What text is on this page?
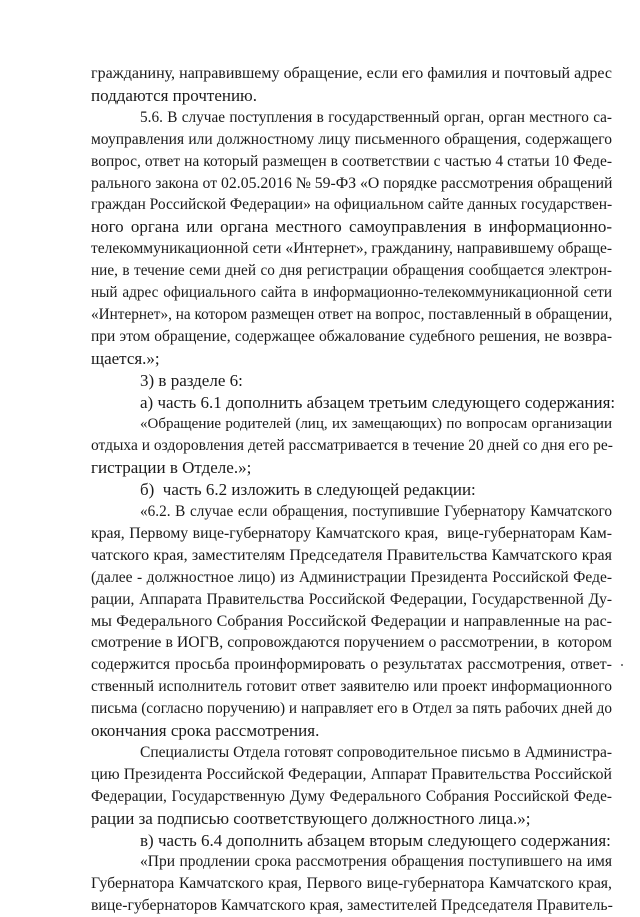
гражданину, направившему обращение, если его фамилия и почтовый адрес
поддаются прочтению.
5.6. В случае поступления в государственный орган, орган местного са-
моуправления или должностному лицу письменного обращения, содержащего
вопрос, ответ на который размещен в соответствии с частью 4 статьи 10 Феде-
рального закона от 02.05.2016 № 59-ФЗ «О порядке рассмотрения обращений
граждан Российской Федерации» на официальном сайте данных государствен-
ного органа или органа местного самоуправления в информационно-
телекоммуникационной сети «Интернет», гражданину, направившему обраще-
ние, в течение семи дней со дня регистрации обращения сообщается электрон-
ный адрес официального сайта в информационно-телекоммуникационной сети
«Интернет», на котором размещен ответ на вопрос, поставленный в обращении,
при этом обращение, содержащее обжалование судебного решения, не возвра-
щается.»;
3) в разделе 6:
а) часть 6.1 дополнить абзацем третьим следующего содержания:
«Обращение родителей (лиц, их замещающих) по вопросам организации
отдыха и оздоровления детей рассматривается в течение 20 дней со дня его ре-
гистрации в Отделе.»;
б)  часть 6.2 изложить в следующей редакции:
«6.2. В случае если обращения, поступившие Губернатору Камчатского
края, Первому вице-губернатору Камчатского края,  вице-губернаторам Кам-
чатского края, заместителям Председателя Правительства Камчатского края
(далее - должностное лицо) из Администрации Президента Российской Феде-
рации, Аппарата Правительства Российской Федерации, Государственной Ду-
мы Федерального Собрания Российской Федерации и направленные на рас-
смотрение в ИОГВ, сопровождаются поручением о рассмотрении, в  котором
содержится просьба проинформировать о результатах рассмотрения, ответ-
ственный исполнитель готовит ответ заявителю или проект информационного
письма (согласно поручению) и направляет его в Отдел за пять рабочих дней до
окончания срока рассмотрения.
Специалисты Отдела готовят сопроводительное письмо в Администра-
цию Президента Российской Федерации, Аппарат Правительства Российской
Федерации, Государственную Думу Федерального Собрания Российской Феде-
рации за подписью соответствующего должностного лица.»;
в) часть 6.4 дополнить абзацем вторым следующего содержания:
«При продлении срока рассмотрения обращения поступившего на имя
Губернатора Камчатского края, Первого вице-губернатора Камчатского края,
вице-губернаторов Камчатского края, заместителей Председателя Правитель-
